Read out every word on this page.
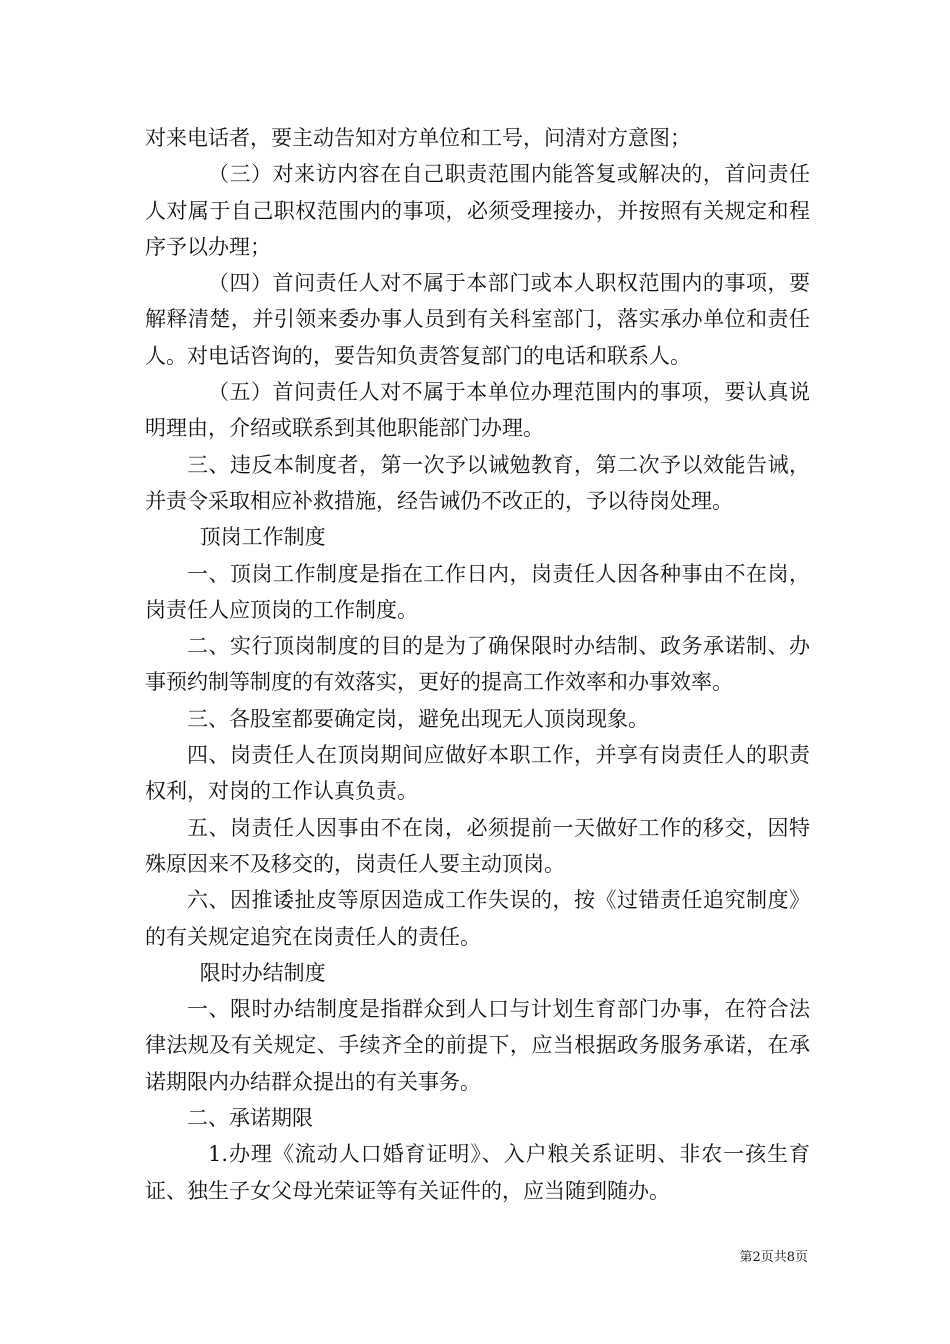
对来电话者，要主动告知对方单位和工号，问清对方意图；

（三）对来访内容在自己职责范围内能答复或解决的，首问责任人对属于自己职权范围内的事项，必须受理接办，并按照有关规定和程序予以办理；

（四）首问责任人对不属于本部门或本人职权范围内的事项，要解释清楚，并引领来委办事人员到有关科室部门，落实承办单位和责任人。对电话咨询的，要告知负责答复部门的电话和联系人。

（五）首问责任人对不属于本单位办理范围内的事项，要认真说明理由，介绍或联系到其他职能部门办理。

三、违反本制度者，第一次予以诫勉教育，第二次予以效能告诫，并责令采取相应补救措施，经告诫仍不改正的，予以待岗处理。

顶岗工作制度

一、顶岗工作制度是指在工作日内，岗责任人因各种事由不在岗，岗责任人应顶岗的工作制度。

二、实行顶岗制度的目的是为了确保限时办结制、政务承诺制、办事预约制等制度的有效落实，更好的提高工作效率和办事效率。

三、各股室都要确定岗，避免出现无人顶岗现象。

四、岗责任人在顶岗期间应做好本职工作，并享有岗责任人的职责权利，对岗的工作认真负责。

五、岗责任人因事由不在岗，必须提前一天做好工作的移交，因特殊原因来不及移交的，岗责任人要主动顶岗。

六、因推诿扯皮等原因造成工作失误的，按《过错责任追究制度》的有关规定追究在岗责任人的责任。

限时办结制度

一、限时办结制度是指群众到人口与计划生育部门办事，在符合法律法规及有关规定、手续齐全的前提下，应当根据政务服务承诺，在承诺期限内办结群众提出的有关事务。

二、承诺期限

1.办理《流动人口婚育证明》、入户粮关系证明、非农一孩生育证、独生子女父母光荣证等有关证件的，应当随到随办。

第2页共8页
